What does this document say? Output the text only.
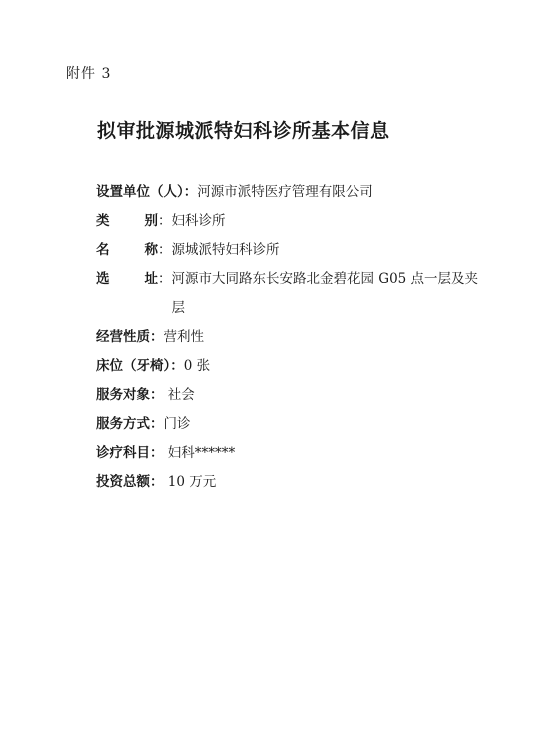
附件 3
拟审批源城派特妇科诊所基本信息
设置单位（人）：河源市派特医疗管理有限公司
类	别 ：妇科诊所
名	称 ：源城派特妇科诊所
选	址 ：河源市大同路东长安路北金碧花园 G05 点一层及夹层
经营性质：营利性
床位（牙椅）：0 张
服务对象： 社会
服务方式：门诊
诊疗科目： 妇科******
投资总额： 10 万元
